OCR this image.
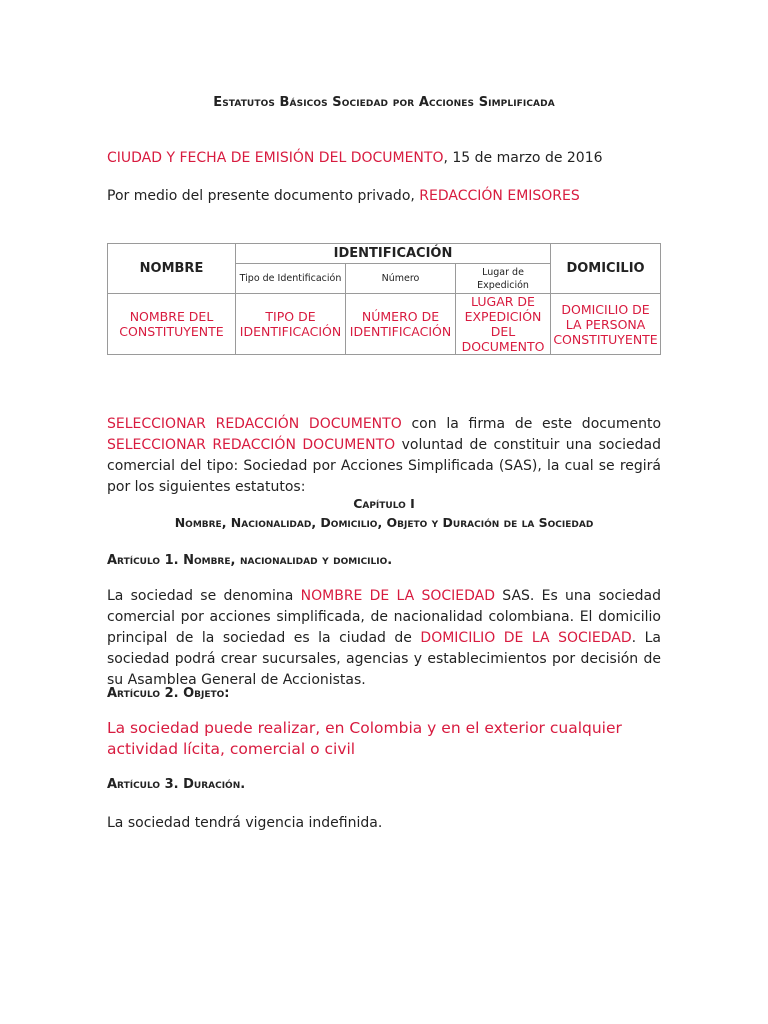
Estatutos Básicos Sociedad por Acciones Simplificada
CIUDAD Y FECHA DE EMISIÓN DEL DOCUMENTO, 15 de marzo de 2016
Por medio del presente documento privado, REDACCIÓN EMISORES
NOMBRE	IDENTIFICACIÓN			DOMICILIO
	Tipo de Identificación	Número	Lugar de Expedición	
NOMBRE DEL CONSTITUYENTE	TIPO DE IDENTIFICACIÓN	NÚMERO DE IDENTIFICACIÓN	LUGAR DE EXPEDICIÓN DEL DOCUMENTO	DOMICILIO DE LA PERSONA CONSTITUYENTE
SELECCIONAR REDACCIÓN DOCUMENTO con la firma de este documento SELECCIONAR REDACCIÓN DOCUMENTO voluntad de constituir una sociedad comercial del tipo: Sociedad por Acciones Simplificada (SAS), la cual se regirá por los siguientes estatutos:
Capítulo I
Nombre, Nacionalidad, Domicilio, Objeto y Duración de la Sociedad
Artículo 1. Nombre, nacionalidad y domicilio.
La sociedad se denomina NOMBRE DE LA SOCIEDAD SAS. Es una sociedad comercial por acciones simplificada, de nacionalidad colombiana. El domicilio principal de la sociedad es la ciudad de DOMICILIO DE LA SOCIEDAD. La sociedad podrá crear sucursales, agencias y establecimientos por decisión de su Asamblea General de Accionistas.
Artículo 2. Objeto:
La sociedad puede realizar, en Colombia y en el exterior cualquier actividad lícita, comercial o civil
Artículo 3. Duración.
La sociedad tendrá vigencia indefinida.
